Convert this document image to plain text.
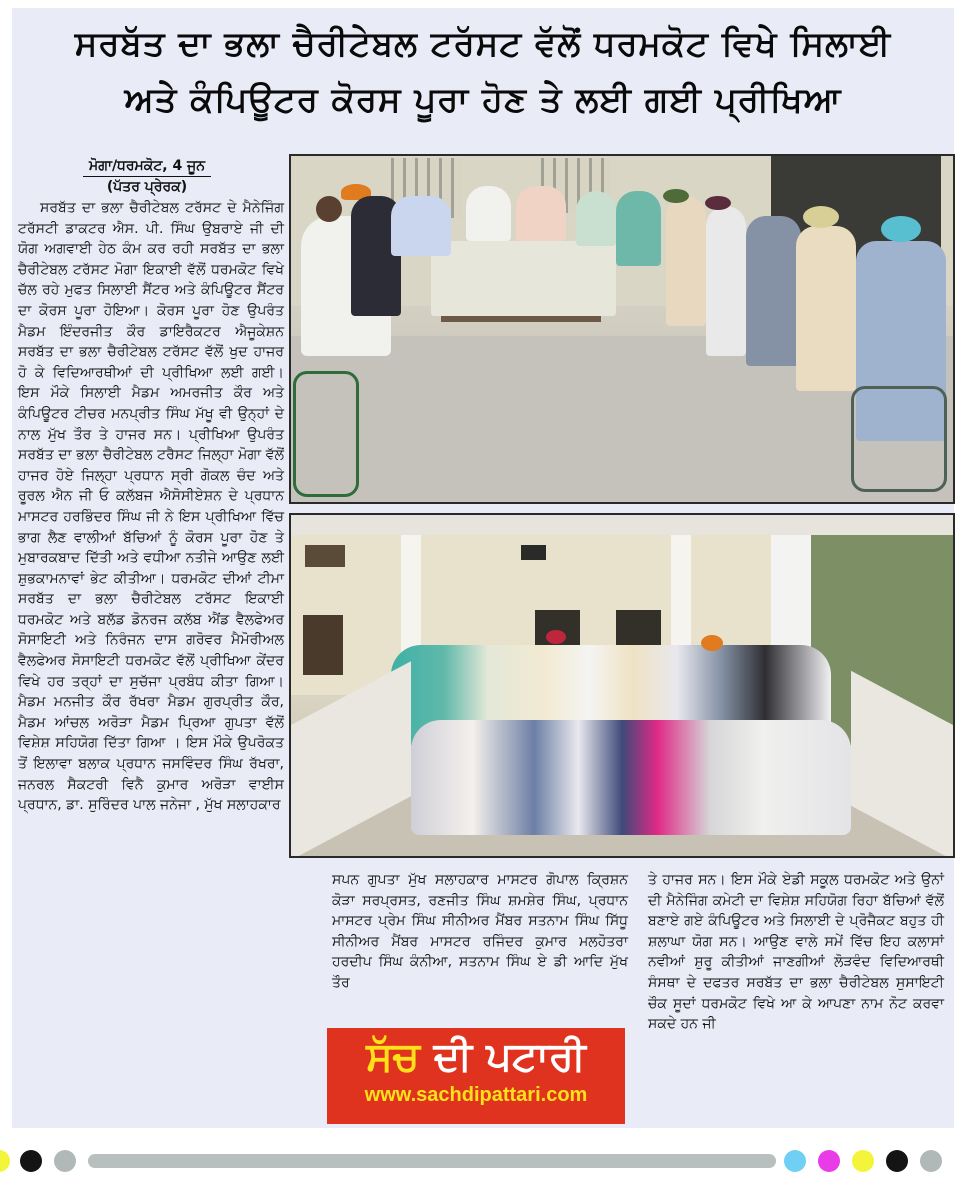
ਸਰਬੱਤ ਦਾ ਭਲਾ ਚੈਰੀਟੇਬਲ ਟਰੱਸਟ ਵੱਲੋਂ ਧਰਮਕੋਟ ਵਿਖੇ ਸਿਲਾਈ
ਅਤੇ ਕੰਪਿਊਟਰ ਕੋਰਸ ਪੂਰਾ ਹੋਣ ਤੇ ਲਈ ਗਈ ਪ੍ਰੀਖਿਆ
ਮੋਗਾ/ਧਰਮਕੋਟ, 4 ਜੂਨ
(ਪੱਤਰ ਪ੍ਰੇਰਕ)

ਸਰਬੱਤ ਦਾ ਭਲਾ ਚੈਰੀਟੇਬਲ ਟਰੱਸਟ ਦੇ ਮੈਨੇਜਿੰਗ ਟਰੱਸਟੀ ਡਾਕਟਰ ਐਸ. ਪੀ. ਸਿੰਘ ਉਬਰਾਏ ਜੀ ਦੀ ਯੋਗ ਅਗਵਾਈ ਹੇਠ ਕੰਮ ਕਰ ਰਹੀ ਸਰਬੱਤ ਦਾ ਭਲਾ ਚੈਰੀਟੇਬਲ ਟਰੱਸਟ ਮੋਗਾ ਇਕਾਈ ਵੱਲੋਂ ਧਰਮਕੋਟ ਵਿਖੇ ਚੱਲ ਰਹੇ ਮੁਫਤ ਸਿਲਾਈ ਸੈਂਟਰ ਅਤੇ ਕੰਪਿਊਟਰ ਸੈਂਟਰ ਦਾ ਕੋਰਸ ਪੂਰਾ ਹੋਇਆ। ਕੋਰਸ ਪੂਰਾ ਹੋਣ ਉਪਰੰਤ ਮੈਡਮ ਇੰਦਰਜੀਤ ਕੌਰ ਡਾਇਰੈਕਟਰ ਐਜੂਕੇਸ਼ਨ ਸਰਬੱਤ ਦਾ ਭਲਾ ਚੈਰੀਟੇਬਲ ਟਰੱਸਟ ਵੱਲੋਂ ਖੁਦ ਹਾਜਰ ਹੋ ਕੇ ਵਿਦਿਆਰਥੀਆਂ ਦੀ ਪ੍ਰੀਖਿਆ ਲਈ ਗਈ। ਇਸ ਮੌਕੇ ਸਿਲਾਈ ਮੈਡਮ ਅਮਰਜੀਤ ਕੌਰ ਅਤੇ ਕੰਪਿਊਟਰ ਟੀਚਰ ਮਨਪ੍ਰੀਤ ਸਿੰਘ ਮੱਖੂ ਵੀ ਉਨ੍ਹਾਂ ਦੇ ਨਾਲ ਮੁੱਖ ਤੌਰ ਤੇ ਹਾਜਰ ਸਨ। ਪ੍ਰੀਖਿਆ ਉਪਰੰਤ ਸਰਬੱਤ ਦਾ ਭਲਾ ਚੈਰੀਟੇਬਲ ਟਰੈਸਟ ਜਿਲ੍ਹਾ ਮੋਗਾ ਵੱਲੋਂ ਹਾਜਰ ਹੋਏ ਜਿਲ੍ਹਾ ਪ੍ਰਧਾਨ ਸ੍ਰੀ ਗੋਕਲ ਚੰਦ ਅਤੇ ਰੂਰਲ ਐਨ ਜੀ ਓ ਕਲੱਬਜ ਐਸੋਸੀਏਸ਼ਨ ਦੇ ਪ੍ਰਧਾਨ ਮਾਸਟਰ ਹਰਭਿੰਦਰ ਸਿੰਘ ਜੀ ਨੇ ਇਸ ਪ੍ਰੀਖਿਆ ਵਿੱਚ ਭਾਗ ਲੈਣ ਵਾਲੀਆਂ ਬੱਚਿਆਂ ਨੂੰ ਕੋਰਸ ਪੂਰਾ ਹੋਣ ਤੇ ਮੁਬਾਰਕਬਾਦ ਦਿੱਤੀ ਅਤੇ ਵਧੀਆ ਨਤੀਜੇ ਆਉਣ ਲਈ ਸ਼ੁਭਕਾਮਨਾਵਾਂ ਭੇਟ ਕੀਤੀਆ। ਧਰਮਕੋਟ ਦੀਆਂ ਟੀਮਾ ਸਰਬੱਤ ਦਾ ਭਲਾ ਚੈਰੀਟੇਬਲ ਟਰੱਸਟ ਇਕਾਈ ਧਰਮਕੋਟ ਅਤੇ ਬਲੱਡ ਡੋਨਰਜ ਕਲੱਬ ਐਂਡ ਵੈਲਫੇਅਰ ਸੋਸਾਇਟੀ ਅਤੇ ਨਿਰੰਜਨ ਦਾਸ ਗਰੋਵਰ ਮੈਮੋਰੀਅਲ ਵੈਲਫੇਅਰ ਸੋਸਾਇਟੀ ਧਰਮਕੋਟ ਵੱਲੋਂ ਪ੍ਰੀਖਿਆ ਕੇਂਦਰ ਵਿਖੇ ਹਰ ਤਰ੍ਹਾਂ ਦਾ ਸੁਚੱਜਾ ਪ੍ਰਬੰਧ ਕੀਤਾ ਗਿਆ। ਮੈਡਮ ਮਨਜੀਤ ਕੌਰ ਰੱਖਰਾ ਮੈਡਮ ਗੁਰਪ੍ਰੀਤ ਕੌਰ, ਮੈਡਮ ਆਂਚਲ ਅਰੋੜਾ ਮੈਡਮ ਪ੍ਰਿਆ ਗੁਪਤਾ ਵੱਲੋਂ ਵਿਸ਼ੇਸ਼ ਸਹਿਯੋਗ ਦਿੱਤਾ ਗਿਆ । ਇਸ ਮੌਕੇ ਉਪਰੋਕਤ ਤੋਂ ਇਲਾਵਾ ਬਲਾਕ ਪ੍ਰਧਾਨ ਜਸਵਿੰਦਰ ਸਿੰਘ ਰੱਖਰਾ, ਜਨਰਲ ਸੈਕਟਰੀ ਵਿਨੈ ਕੁਮਾਰ ਅਰੋੜਾ ਵਾਈਸ ਪ੍ਰਧਾਨ, ਡਾ. ਸੁਰਿੰਦਰ ਪਾਲ ਜਨੇਜਾ , ਮੁੱਖ ਸਲਾਹਕਾਰ

ਸਪਨ ਗੁਪਤਾ ਮੁੱਖ ਸਲਾਹਕਾਰ ਮਾਸਟਰ ਗੋਪਾਲ ਕ੍ਰਿਸ਼ਨ ਕੋੜਾ ਸਰਪ੍ਰਸਤ, ਰਣਜੀਤ ਸਿੰਘ ਸ਼ਮਸ਼ੇਰ ਸਿੰਘ, ਪ੍ਰਧਾਨ ਮਾਸਟਰ ਪ੍ਰੇਮ ਸਿੰਘ ਸੀਨੀਅਰ ਮੈਂਬਰ ਸਤਨਾਮ ਸਿੰਘ ਸਿੱਧੂ ਸੀਨੀਅਰ ਮੈਂਬਰ ਮਾਸਟਰ ਰਜਿੰਦਰ ਕੁਮਾਰ ਮਲਹੋਤਰਾ ਹਰਦੀਪ ਸਿੰਘ ਕੰਨੀਆ, ਸਤਨਾਮ ਸਿੰਘ ਏ ਡੀ ਆਦਿ ਮੁੱਖ ਤੌਰ

ਤੇ ਹਾਜਰ ਸਨ। ਇਸ ਮੌਕੇ ਏਡੀ ਸਕੂਲ ਧਰਮਕੋਟ ਅਤੇ ਉਨਾਂ ਦੀ ਮੈਨੇਜਿੰਗ ਕਮੇਟੀ ਦਾ ਵਿਸ਼ੇਸ਼ ਸਹਿਯੋਗ ਰਿਹਾ ਬੱਚਿਆਂ ਵੱਲੋਂ ਬਣਾਏ ਗਏ ਕੰਪਿਊਟਰ ਅਤੇ ਸਿਲਾਈ ਦੇ ਪ੍ਰੋਜੈਕਟ ਬਹੁਤ ਹੀ ਸ਼ਲਾਘਾ ਯੋਗ ਸਨ। ਆਉਣ ਵਾਲੇ ਸਮੇਂ ਵਿੱਚ ਇਹ ਕਲਾਸਾਂ ਨਵੀਆਂ ਸ਼ੁਰੂ ਕੀਤੀਆਂ ਜਾਣਗੀਆਂ ਲੋੜਵੰਦ ਵਿਦਿਆਰਥੀ ਸੰਸਥਾ ਦੇ ਦਫਤਰ ਸਰਬੱਤ ਦਾ ਭਲਾ ਚੈਰੀਟੇਬਲ ਸੁਸਾਇਟੀ ਚੌਕ ਸੂਦਾਂ ਧਰਮਕੋਟ ਵਿਖੇ ਆ ਕੇ ਆਪਣਾ ਨਾਮ ਨੋਟ ਕਰਵਾ ਸਕਦੇ ਹਨ ਜੀ

ਸੱਚ ਦੀ ਪਟਾਰੀ
www.sachdipattari.com
